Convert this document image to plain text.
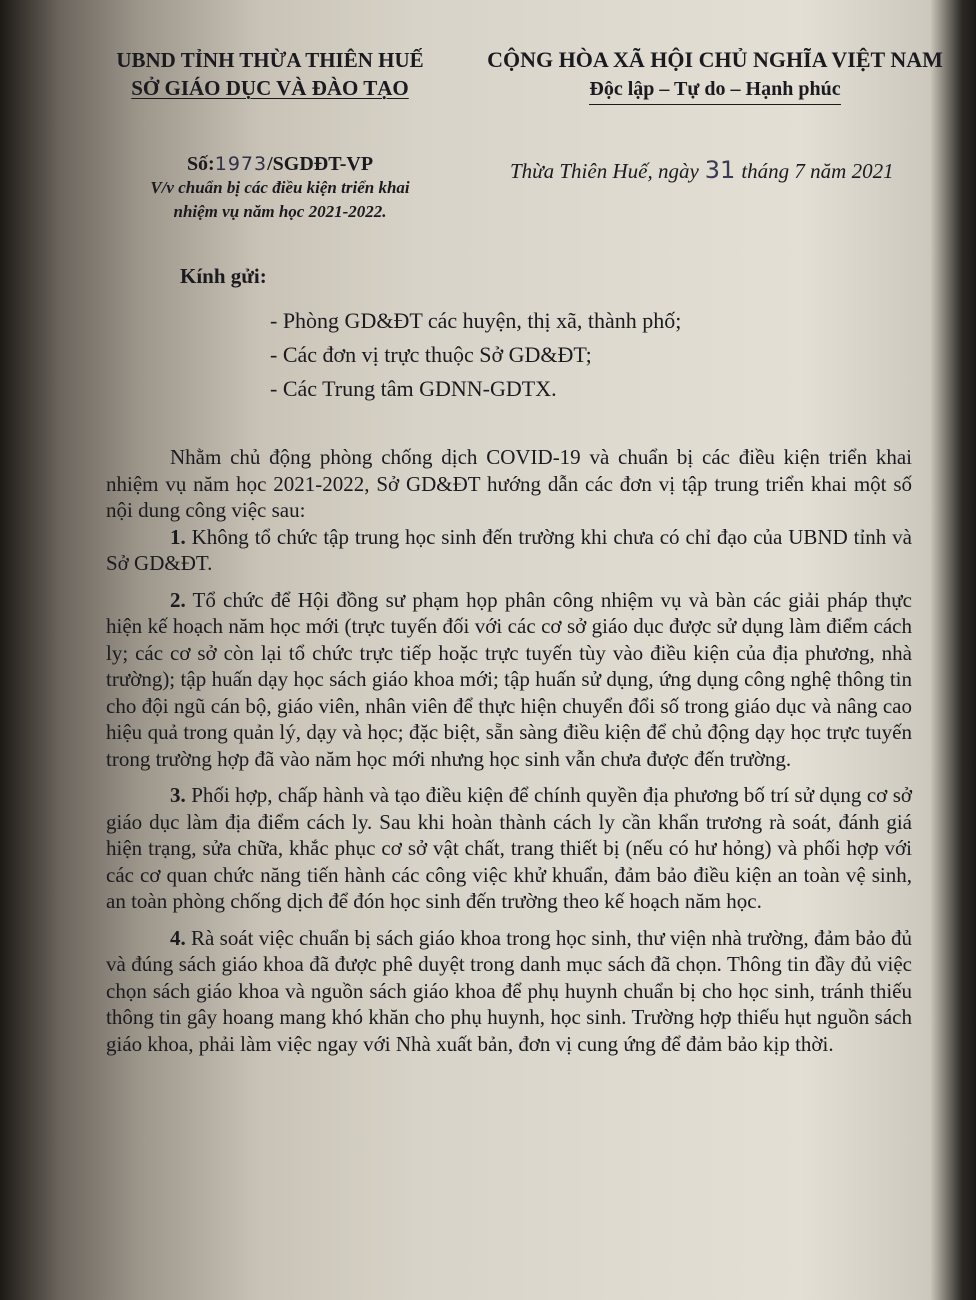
UBND TỈNH THỪA THIÊN HUẾ
SỞ GIÁO DỤC VÀ ĐÀO TẠO
CỘNG HÒA XÃ HỘI CHỦ NGHĨA VIỆT NAM
Độc lập – Tự do – Hạnh phúc
Số:1973/SGDĐT-VP
V/v chuẩn bị các điều kiện triển khai
nhiệm vụ năm học 2021-2022.
Thừa Thiên Huế, ngày 31 tháng 7 năm 2021
Kính gửi:
- Phòng GD&ĐT các huyện, thị xã, thành phố;
- Các đơn vị trực thuộc Sở GD&ĐT;
- Các Trung tâm GDNN-GDTX.

Nhằm chủ động phòng chống dịch COVID-19 và chuẩn bị các điều kiện triển khai nhiệm vụ năm học 2021-2022, Sở GD&ĐT hướng dẫn các đơn vị tập trung triển khai một số nội dung công việc sau:

1. Không tổ chức tập trung học sinh đến trường khi chưa có chỉ đạo của UBND tỉnh và Sở GD&ĐT.

2. Tổ chức để Hội đồng sư phạm họp phân công nhiệm vụ và bàn các giải pháp thực hiện kế hoạch năm học mới (trực tuyến đối với các cơ sở giáo dục được sử dụng làm điểm cách ly; các cơ sở còn lại tổ chức trực tiếp hoặc trực tuyến tùy vào điều kiện của địa phương, nhà trường); tập huấn dạy học sách giáo khoa mới; tập huấn sử dụng, ứng dụng công nghệ thông tin cho đội ngũ cán bộ, giáo viên, nhân viên để thực hiện chuyển đổi số trong giáo dục và nâng cao hiệu quả trong quản lý, dạy và học; đặc biệt, sẵn sàng điều kiện để chủ động dạy học trực tuyến trong trường hợp đã vào năm học mới nhưng học sinh vẫn chưa được đến trường.

3. Phối hợp, chấp hành và tạo điều kiện để chính quyền địa phương bố trí sử dụng cơ sở giáo dục làm địa điểm cách ly. Sau khi hoàn thành cách ly cần khẩn trương rà soát, đánh giá hiện trạng, sửa chữa, khắc phục cơ sở vật chất, trang thiết bị (nếu có hư hỏng) và phối hợp với các cơ quan chức năng tiến hành các công việc khử khuẩn, đảm bảo điều kiện an toàn vệ sinh, an toàn phòng chống dịch để đón học sinh đến trường theo kế hoạch năm học.

4. Rà soát việc chuẩn bị sách giáo khoa trong học sinh, thư viện nhà trường, đảm bảo đủ và đúng sách giáo khoa đã được phê duyệt trong danh mục sách đã chọn. Thông tin đầy đủ việc chọn sách giáo khoa và nguồn sách giáo khoa để phụ huynh chuẩn bị cho học sinh, tránh thiếu thông tin gây hoang mang khó khăn cho phụ huynh, học sinh. Trường hợp thiếu hụt nguồn sách giáo khoa, phải làm việc ngay với Nhà xuất bản, đơn vị cung ứng để đảm bảo kịp thời.
